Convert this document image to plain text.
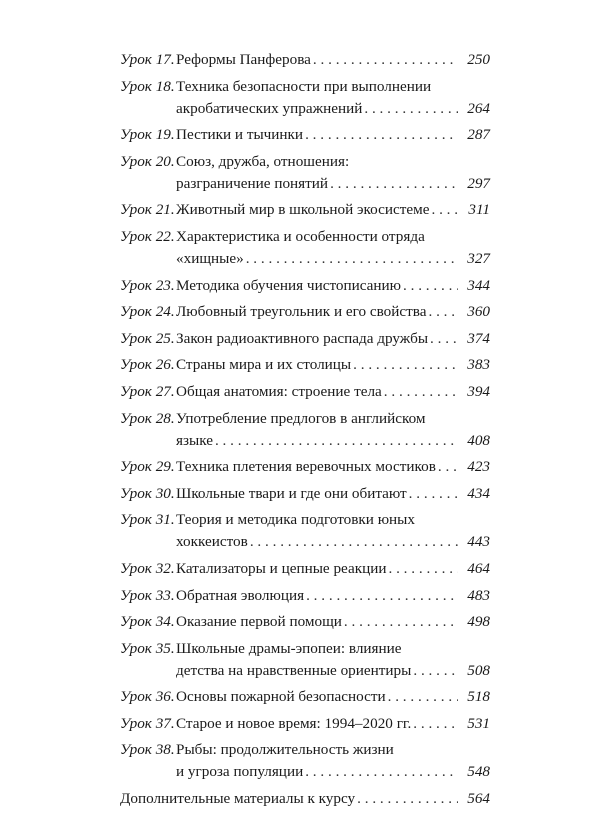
Урок 17. Реформы Панферова . . .	250
Урок 18. Техника безопасности при выполнении
акробатических упражнений . . .	264
Урок 19. Пестики и тычинки . . .	287
Урок 20. Союз, дружба, отношения:
разграничение понятий . . .	297
Урок 21. Животный мир в школьной экосистеме . . .	311
Урок 22. Характеристика и особенности отряда
«хищные» . . .	327
Урок 23. Методика обучения чистописанию . . .	344
Урок 24. Любовный треугольник и его свойства . . .	360
Урок 25. Закон радиоактивного распада дружбы . . .	374
Урок 26. Страны мира и их столицы . . .	383
Урок 27. Общая анатомия: строение тела . . .	394
Урок 28. Употребление предлогов в английском
языке . . .	408
Урок 29. Техника плетения веревочных мостиков . . . 423
Урок 30. Школьные твари и где они обитают . . .	434
Урок 31. Теория и методика подготовки юных
хоккеистов . . .	443
Урок 32. Катализаторы и цепные реакции . . .	464
Урок 33. Обратная эволюция . . .	483
Урок 34. Оказание первой помощи . . .	498
Урок 35. Школьные драмы-эпопеи: влияние
детства на нравственные ориентиры . . .	508
Урок 36. Основы пожарной безопасности . . .	518
Урок 37. Старое и новое время: 1994–2020 гг. . . .	531
Урок 38. Рыбы: продолжительность жизни
и угроза популяции . . .	548
Дополнительные материалы к курсу . . .	564
